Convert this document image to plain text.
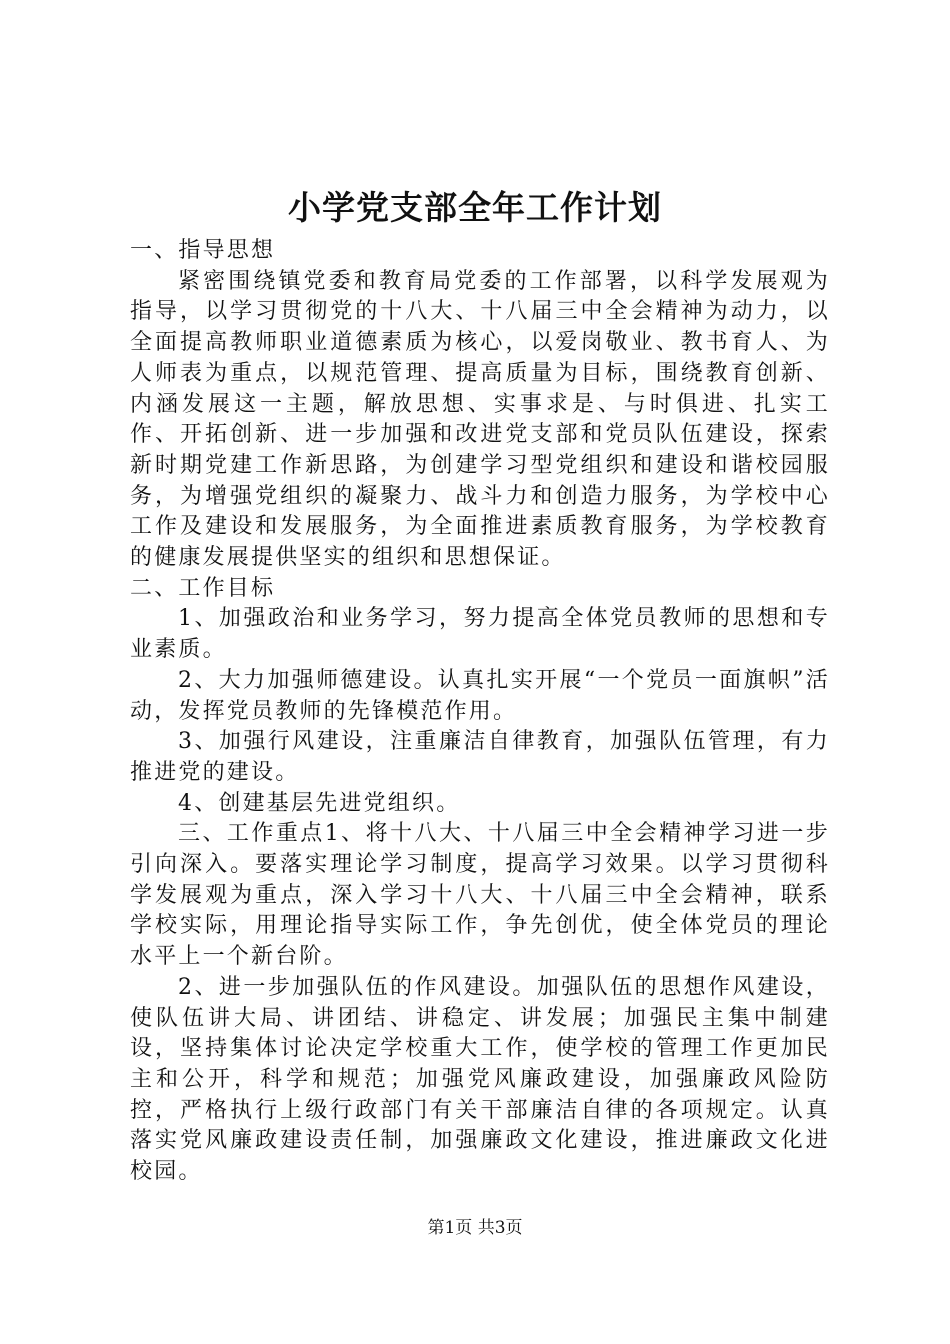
小学党支部全年工作计划

一、指导思想

紧密围绕镇党委和教育局党委的工作部署，以科学发展观为指导，以学习贯彻党的十八大、十八届三中全会精神为动力，以全面提高教师职业道德素质为核心，以爱岗敬业、教书育人、为人师表为重点，以规范管理、提高质量为目标，围绕教育创新、内涵发展这一主题，解放思想、实事求是、与时俱进、扎实工作、开拓创新、进一步加强和改进党支部和党员队伍建设，探索新时期党建工作新思路，为创建学习型党组织和建设和谐校园服务，为增强党组织的凝聚力、战斗力和创造力服务，为学校中心工作及建设和发展服务，为全面推进素质教育服务，为学校教育的健康发展提供坚实的组织和思想保证。

二、工作目标

1、加强政治和业务学习，努力提高全体党员教师的思想和专业素质。

2、大力加强师德建设。认真扎实开展“一个党员一面旗帜”活动，发挥党员教师的先锋模范作用。

3、加强行风建设，注重廉洁自律教育，加强队伍管理，有力推进党的建设。

4、创建基层先进党组织。

三、工作重点1、将十八大、十八届三中全会精神学习进一步引向深入。要落实理论学习制度，提高学习效果。以学习贯彻科学发展观为重点，深入学习十八大、十八届三中全会精神，联系学校实际，用理论指导实际工作，争先创优，使全体党员的理论水平上一个新台阶。

2、进一步加强队伍的作风建设。加强队伍的思想作风建设，使队伍讲大局、讲团结、讲稳定、讲发展；加强民主集中制建设，坚持集体讨论决定学校重大工作，使学校的管理工作更加民主和公开，科学和规范；加强党风廉政建设，加强廉政风险防控，严格执行上级行政部门有关干部廉洁自律的各项规定。认真落实党风廉政建设责任制，加强廉政文化建设，推进廉政文化进校园。

第1页 共3页
